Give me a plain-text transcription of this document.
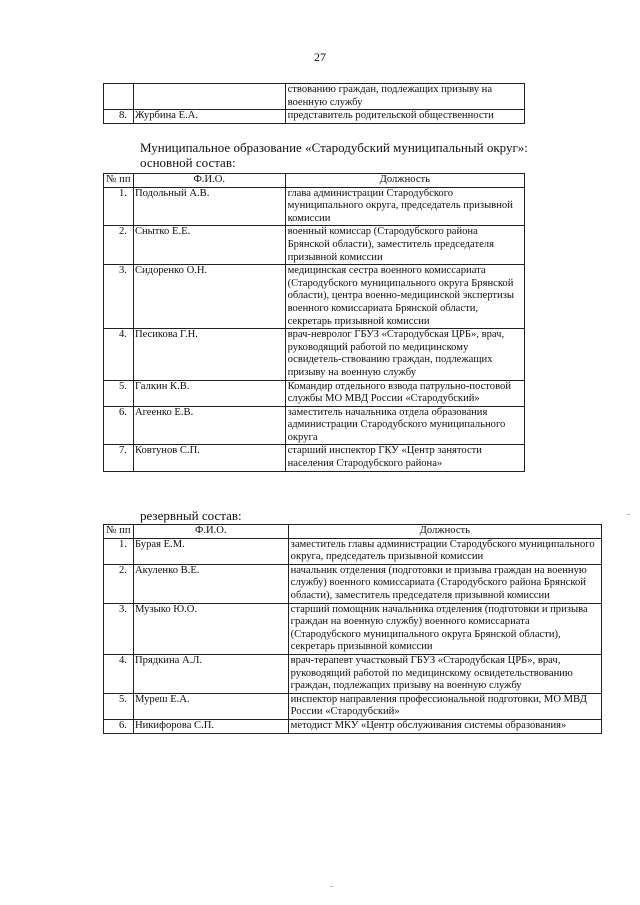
27
		ствованию граждан, подлежащих призыву на военную службу
8.	Журбина Е.А.	представитель родительской общественности
Муниципальное образование «Стародубский муниципальный округ»:
основной состав:
№ пп	Ф.И.О.	Должность
1.	Подольный А.В.	глава администрации Стародубского муниципального округа, председатель призывной комиссии
2.	Снытко Е.Е.	военный комиссар (Стародубского района Брянской области), заместитель председателя призывной комиссии
3.	Сидоренко О.Н.	медицинская сестра военного комиссариата (Стародубского муниципального округа Брянской области), центра военно-медицинской экспертизы военного комиссариата Брянской области, секретарь призывной комиссии
4.	Песикова Г.Н.	врач-невролог ГБУЗ «Стародубская ЦРБ», врач, руководящий работой по медицинскому освидетель-ствованию граждан, подлежащих призыву на военную службу
5.	Галкин К.В.	Командир отдельного взвода патрульно-постовой службы МО МВД России «Стародубский»
6.	Агеенко Е.В.	заместитель начальника отдела образования администрации Стародубского муниципального округа
7.	Ковтунов С.П.	старший инспектор ГКУ «Центр занятости населения Стародубского района»
резервный состав:
№ пп	Ф.И.О.	Должность
1.	Бурая Е.М.	заместитель главы администрации Стародубского муниципального округа, председатель призывной комиссии
2.	Акуленко В.Е.	начальник отделения (подготовки и призыва граждан на военную службу) военного комиссариата (Стародубского района Брянской области), заместитель председателя призывной комиссии
3.	Музыко Ю.О.	старший помощник начальника отделения (подготовки и призыва граждан на военную службу) военного комиссариата (Стародубского муниципального округа Брянской области), секретарь призывной комиссии
4.	Прядкина А.Л.	врач-терапевт участковый ГБУЗ «Стародубская ЦРБ», врач, руководящий работой по медицинскому освидетельствованию граждан, подлежащих призыву на военную службу
5.	Муреш Е.А.	инспектор направления профессиональной подготовки, МО МВД России «Стародубский»
6.	Никифорова С.П.	методист МКУ «Центр обслуживания системы образования»
